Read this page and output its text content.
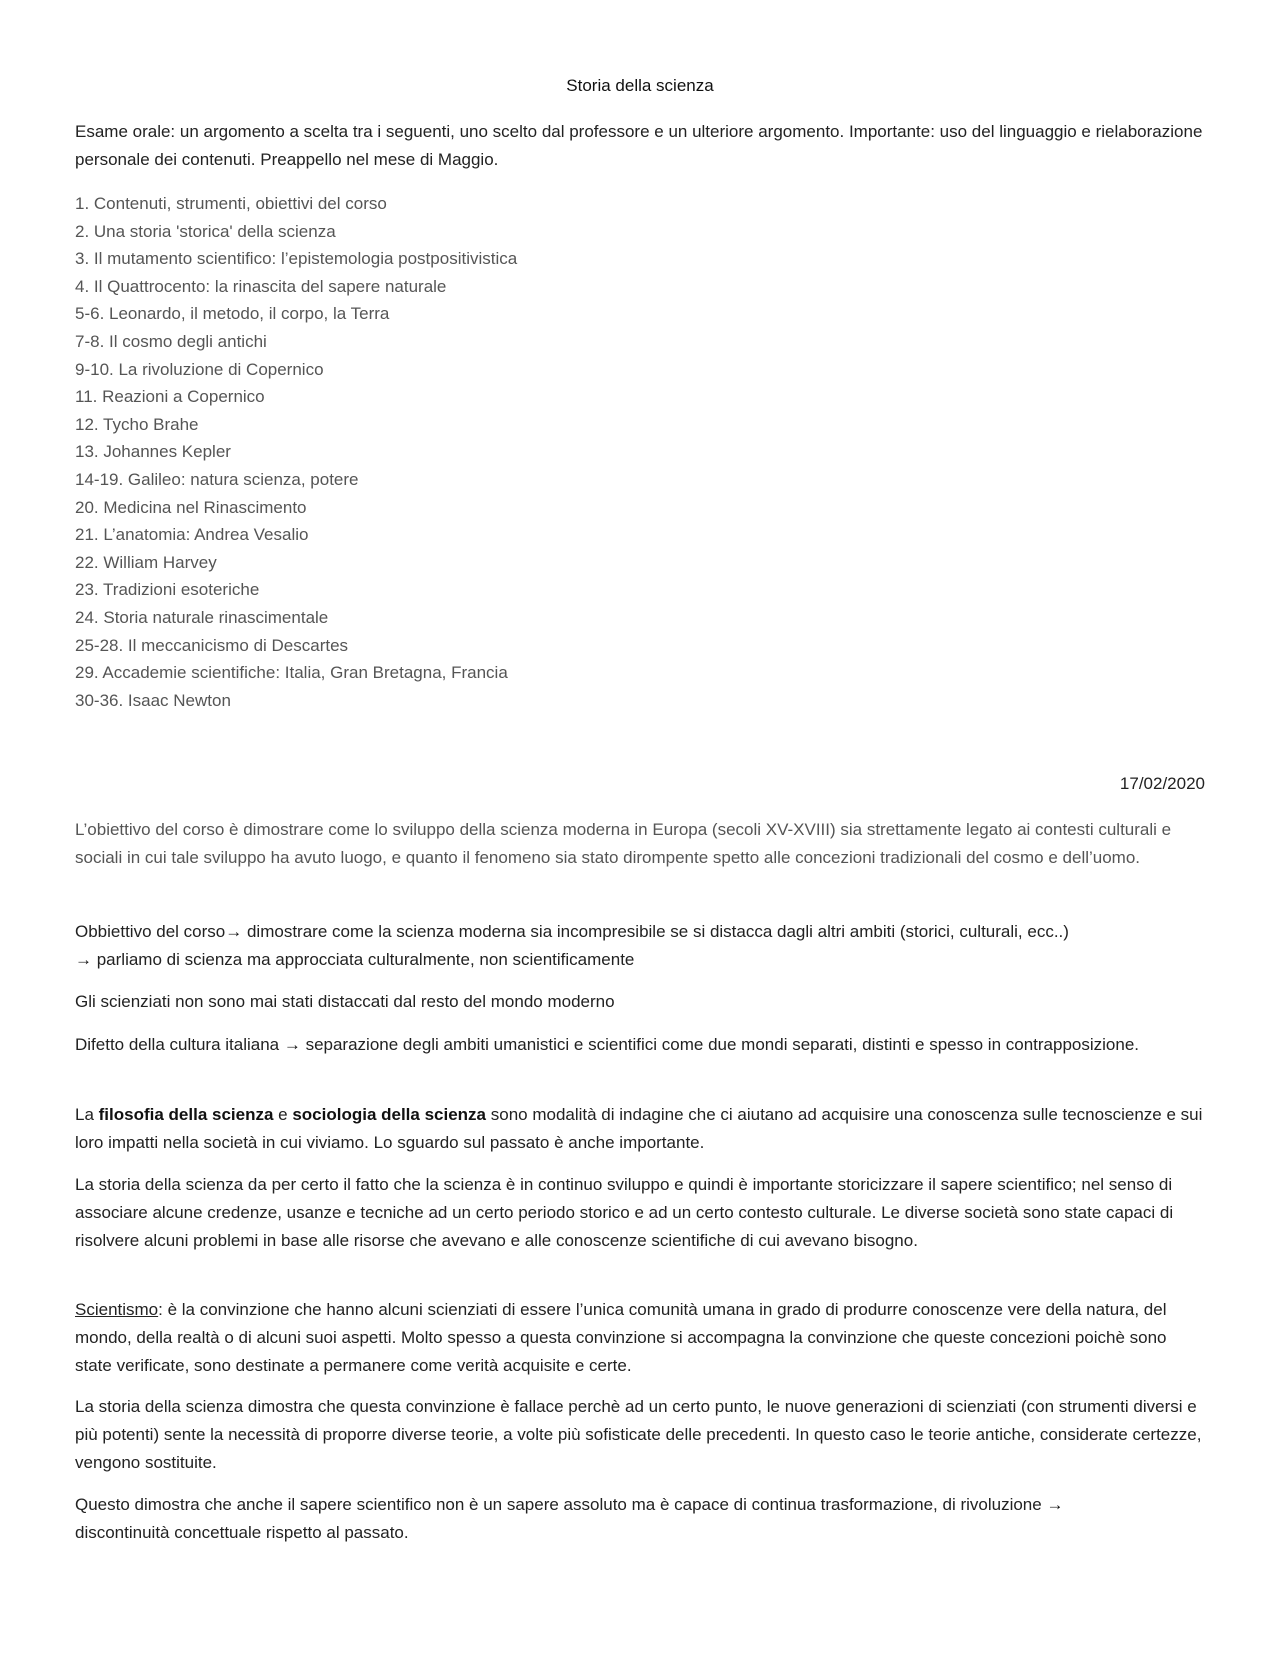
Storia della scienza

Esame orale: un argomento a scelta tra i seguenti, uno scelto dal professore e un ulteriore argomento. Importante: uso del linguaggio e rielaborazione personale dei contenuti. Preappello nel mese di Maggio.

1. Contenuti, strumenti, obiettivi del corso
2. Una storia 'storica' della scienza
3. Il mutamento scientifico: l’epistemologia postpositivistica
4. Il Quattrocento: la rinascita del sapere naturale
5-6. Leonardo, il metodo, il corpo, la Terra
7-8. Il cosmo degli antichi
9-10. La rivoluzione di Copernico
11. Reazioni a Copernico
12. Tycho Brahe
13. Johannes Kepler
14-19. Galileo: natura scienza, potere
20. Medicina nel Rinascimento
21. L’anatomia: Andrea Vesalio
22. William Harvey
23. Tradizioni esoteriche
24. Storia naturale rinascimentale
25-28. Il meccanicismo di Descartes
29. Accademie scientifiche: Italia, Gran Bretagna, Francia
30-36. Isaac Newton
17/02/2020

L’obiettivo del corso è dimostrare come lo sviluppo della scienza moderna in Europa (secoli XV-XVIII) sia strettamente legato ai contesti culturali e sociali in cui tale sviluppo ha avuto luogo, e quanto il fenomeno sia stato dirompente spetto alle concezioni tradizionali del cosmo e dell’uomo.

Obbiettivo del corso→ dimostrare come la scienza moderna sia incompresibile se si distacca dagli altri ambiti (storici, culturali, ecc..)
→ parliamo di scienza ma approcciata culturalmente, non scientificamente

Gli scienziati non sono mai stati distaccati dal resto del mondo moderno

Difetto della cultura italiana → separazione degli ambiti umanistici e scientifici come due mondi separati, distinti e spesso in contrapposizione.

La filosofia della scienza e sociologia della scienza sono modalità di indagine che ci aiutano ad acquisire una conoscenza sulle tecnoscienze e sui loro impatti nella società in cui viviamo. Lo sguardo sul passato è anche importante.

La storia della scienza da per certo il fatto che la scienza è in continuo sviluppo e quindi è importante storicizzare il sapere scientifico; nel senso di associare alcune credenze, usanze e tecniche ad un certo periodo storico e ad un certo contesto culturale. Le diverse società sono state capaci di risolvere alcuni problemi in base alle risorse che avevano e alle conoscenze scientifiche di cui avevano bisogno.

Scientismo: è la convinzione che hanno alcuni scienziati di essere l’unica comunità umana in grado di produrre conoscenze vere della natura, del mondo, della realtà o di alcuni suoi aspetti. Molto spesso a questa convinzione si accompagna la convinzione che queste concezioni poichè sono state verificate, sono destinate a permanere come verità acquisite e certe.

La storia della scienza dimostra che questa convinzione è fallace perchè ad un certo punto, le nuove generazioni di scienziati (con strumenti diversi e più potenti) sente la necessità di proporre diverse teorie, a volte più sofisticate delle precedenti. In questo caso le teorie antiche, considerate certezze, vengono sostituite.

Questo dimostra che anche il sapere scientifico non è un sapere assoluto ma è capace di continua trasformazione, di rivoluzione →
discontinuità concettuale rispetto al passato.
